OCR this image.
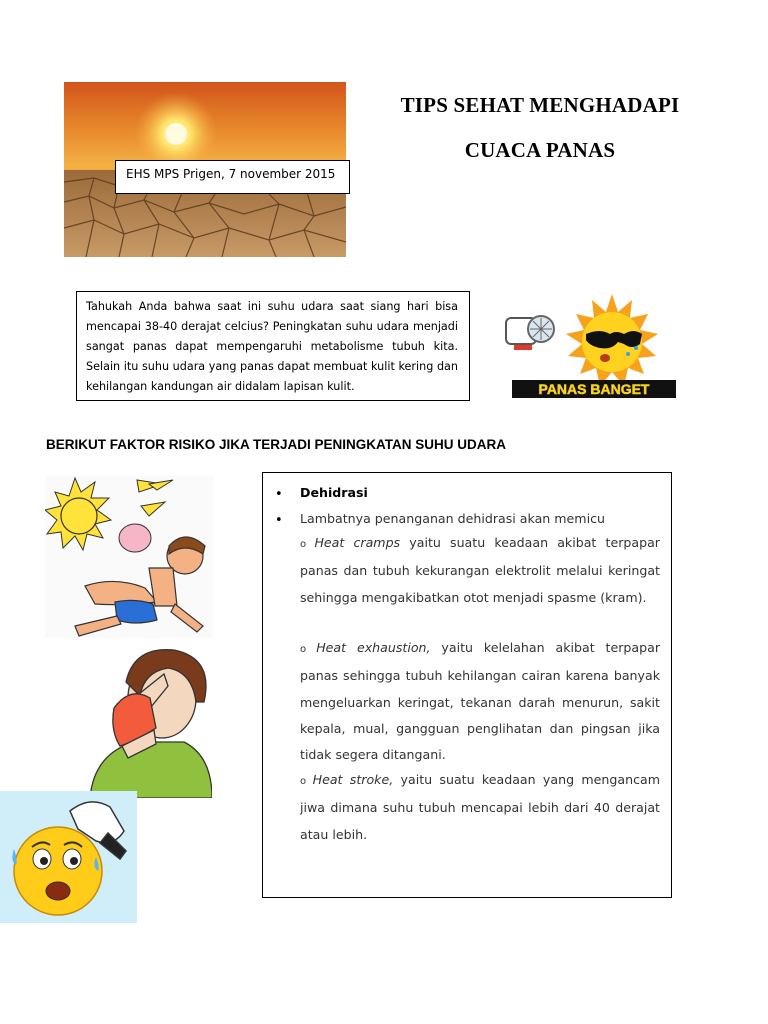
EHS MPS Prigen, 7 november 2015
TIPS SEHAT MENGHADAPI
CUACA PANAS

Tahukah Anda bahwa saat ini suhu udara saat siang hari bisa mencapai 38-40 derajat celcius? Peningkatan suhu udara menjadi sangat panas dapat mempengaruhi metabolisme tubuh kita. Selain itu suhu udara yang panas dapat membuat kulit kering dan kehilangan kandungan air didalam lapisan kulit.	PANAS BANGET
BERIKUT FAKTOR RISIKO JIKA TERJADI PENINGKATAN SUHU UDARA
• Dehidrasi
• Lambatnya penanganan dehidrasi akan memicu
o Heat cramps yaitu suatu keadaan akibat terpapar panas dan tubuh kekurangan elektrolit melalui keringat sehingga mengakibatkan otot menjadi spasme (kram).
o Heat exhaustion, yaitu kelelahan akibat terpapar panas sehingga tubuh kehilangan cairan karena banyak mengeluarkan keringat, tekanan darah menurun, sakit kepala, mual, gangguan penglihatan dan pingsan jika tidak segera ditangani.
o Heat stroke, yaitu suatu keadaan yang mengancam jiwa dimana suhu tubuh mencapai lebih dari 40 derajat atau lebih.
